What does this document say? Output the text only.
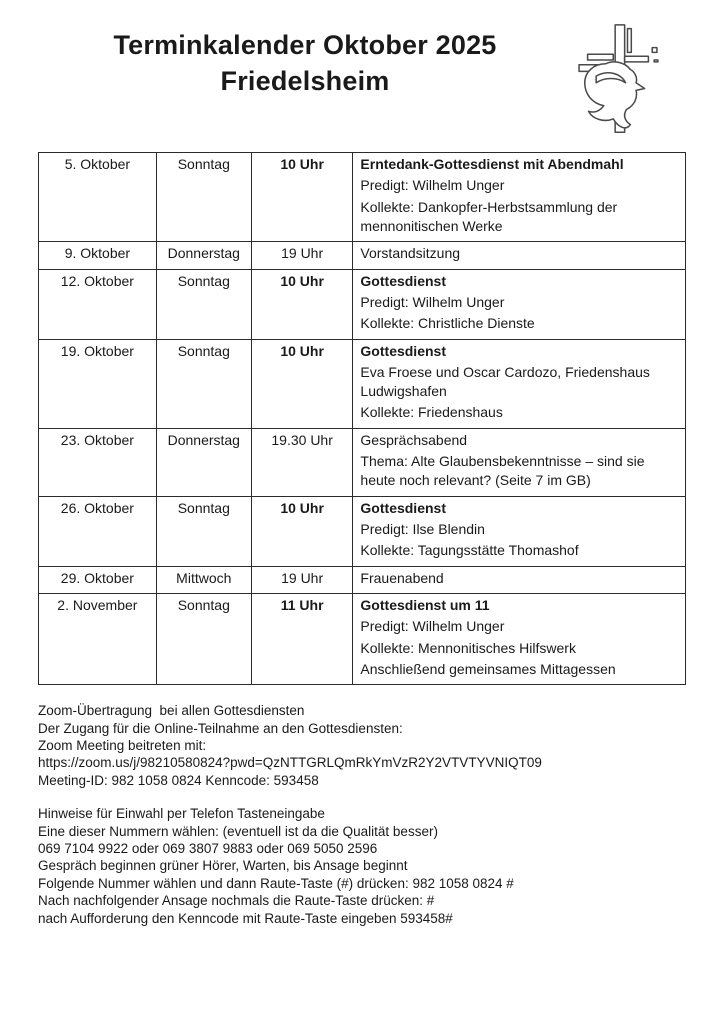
Terminkalender Oktober 2025
Friedelsheim
5. Oktober	Sonntag	10 Uhr	Erntedank-Gottesdienst mit Abendmahl

Predigt: Wilhelm Unger

Kollekte: Dankopfer-Herbstsammlung der mennonitischen Werke

9. Oktober	Donnerstag	19 Uhr	Vorstandsitzung

12. Oktober	Sonntag	10 Uhr	Gottesdienst

Predigt: Wilhelm Unger

Kollekte: Christliche Dienste

19. Oktober	Sonntag	10 Uhr	Gottesdienst

Eva Froese und Oscar Cardozo, Friedenshaus Ludwigshafen

Kollekte: Friedenshaus

23. Oktober	Donnerstag	19.30 Uhr	Gesprächsabend

Thema: Alte Glaubensbekenntnisse – sind sie heute noch relevant? (Seite 7 im GB)

26. Oktober	Sonntag	10 Uhr	Gottesdienst

Predigt: Ilse Blendin

Kollekte: Tagungsstätte Thomashof

29. Oktober	Mittwoch	19 Uhr	Frauenabend

2. November	Sonntag	11 Uhr	Gottesdienst um 11

Predigt: Wilhelm Unger

Kollekte: Mennonitisches Hilfswerk

Anschließend gemeinsames Mittagessen

Zoom-Übertragung  bei allen Gottesdiensten

Der Zugang für die Online-Teilnahme an den Gottesdiensten:

Zoom Meeting beitreten mit:

https://zoom.us/j/98210580824?pwd=QzNTTGRLQmRkYmVzR2Y2VTVTYVNIQT09

Meeting-ID: 982 1058 0824 Kenncode: 593458

Hinweise für Einwahl per Telefon Tasteneingabe

Eine dieser Nummern wählen: (eventuell ist da die Qualität besser)

069 7104 9922 oder 069 3807 9883 oder 069 5050 2596

Gespräch beginnen grüner Hörer, Warten, bis Ansage beginnt

Folgende Nummer wählen und dann Raute-Taste (#) drücken: 982 1058 0824 #

Nach nachfolgender Ansage nochmals die Raute-Taste drücken: #

nach Aufforderung den Kenncode mit Raute-Taste eingeben 593458#
